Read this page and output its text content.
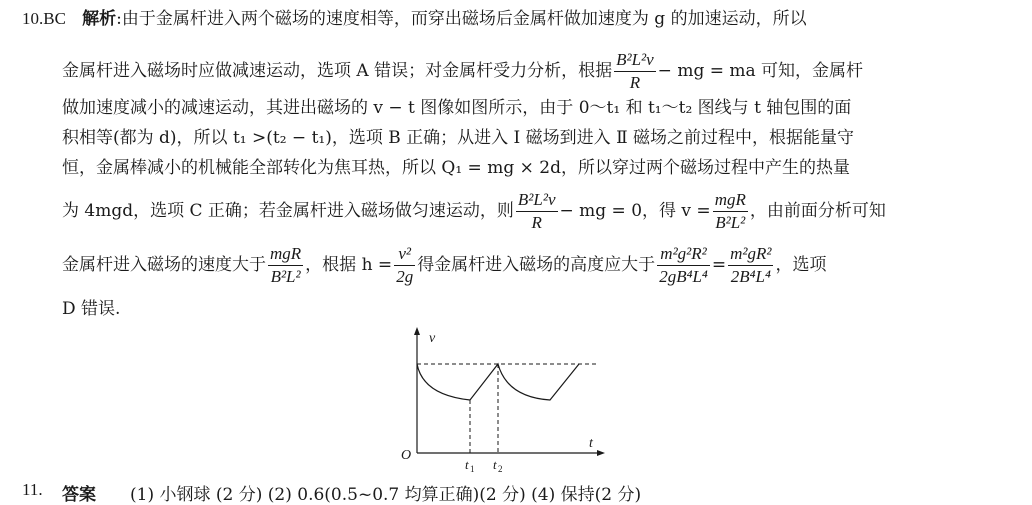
10.BC 解析:由于金属杆进入两个磁场的速度相等，而穿出磁场后金属杆做加速度为 g 的加速运动，所以
金属杆进入磁场时应做减速运动，选项 A 错误；对金属杆受力分析，根据 $\frac{\text{B²L²v}}{R}$ − mg = ma 可知，金属杆
做加速度减小的减速运动，其进出磁场的 v − t 图像如图所示，由于 0～t₁ 和 t₁～t₂ 图线与 t 轴包围的面
积相等(都为 d)，所以 t₁ >(t₂ − t₁)，选项 B 正确；从进入 Ⅰ 磁场到进入 Ⅱ 磁场之前过程中，根据能量守
恒，金属棒减小的机械能全部转化为焦耳热，所以 Q₁ = mg × 2d，所以穿过两个磁场过程中产生的热量
为 4mgd，选项 C 正确；若金属杆进入磁场做匀速运动，则 $\frac{\text{B²L²v}}{R}$ − mg = 0，得 $v = \frac{\text{mgR}}{\text{B²L²}}$ ，由前面分析可知
金属杆进入磁场的速度大于 $\frac{\text{mgR}}{\text{B²L²}}$ ，根据 $h = \frac{\text{v²}}{2g}$ 得金属杆进入磁场的高度应大于 $\frac{\text{m²g²R²}}{\text{2gB⁴L⁴}} = \frac{\text{m²gR²}}{\text{2B⁴L⁴}}$ ，选项
D 错误.
v
t
O
t 1 t 2
11. 答案 (1) 小钢球 (2 分) (2) 0.6(0.5~0.7 均算正确)(2 分) (4) 保持(2 分)
